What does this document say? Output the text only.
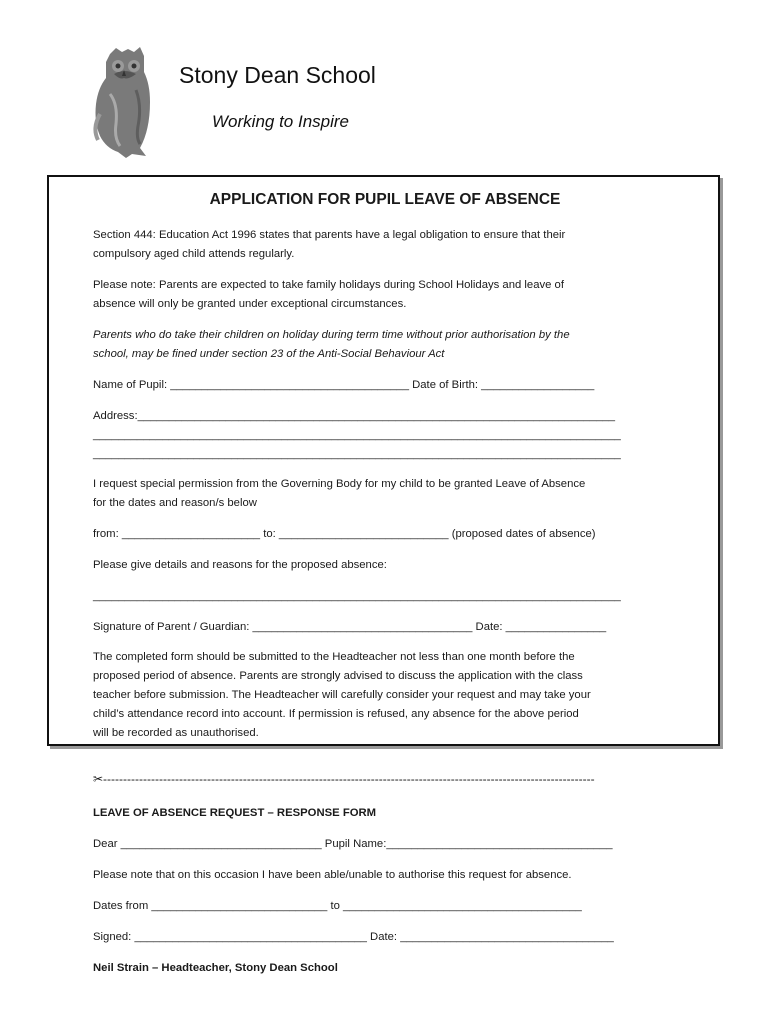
Stony Dean School
Working to Inspire
APPLICATION FOR PUPIL LEAVE OF ABSENCE
Section 444: Education Act 1996 states that parents have a legal obligation to ensure that their
compulsory aged child attends regularly.
Please note: Parents are expected to take family holidays during School Holidays and leave of
absence will only be granted under exceptional circumstances.
Parents who do take their children on holiday during term time without prior authorisation by the
school, may be fined under section 23 of the Anti-Social Behaviour Act
Name of Pupil: ______________________________________ Date of Birth: __________________
Address:____________________________________________________________________________
____________________________________________________________________________________
____________________________________________________________________________________
I request special permission from the Governing Body for my child to be granted Leave of Absence
for the dates and reason/s below
from: ______________________ to: ___________________________ (proposed dates of absence)
Please give details and reasons for the proposed absence:
____________________________________________________________________________________
Signature of Parent / Guardian: ___________________________________ Date: ________________
The completed form should be submitted to the Headteacher not less than one month before the
proposed period of absence. Parents are strongly advised to discuss the application with the class
teacher before submission. The Headteacher will carefully consider your request and may take your
child’s attendance record into account. If permission is refused, any absence for the above period
will be recorded as unauthorised.
✂---------------------------------------------------------------------------------------------------------------------------
LEAVE OF ABSENCE REQUEST – RESPONSE FORM
Dear ________________________________ Pupil Name:____________________________________
Please note that on this occasion I have been able/unable to authorise this request for absence.
Dates from ____________________________ to ______________________________________
Signed: _____________________________________ Date: __________________________________
Neil Strain – Headteacher, Stony Dean School
